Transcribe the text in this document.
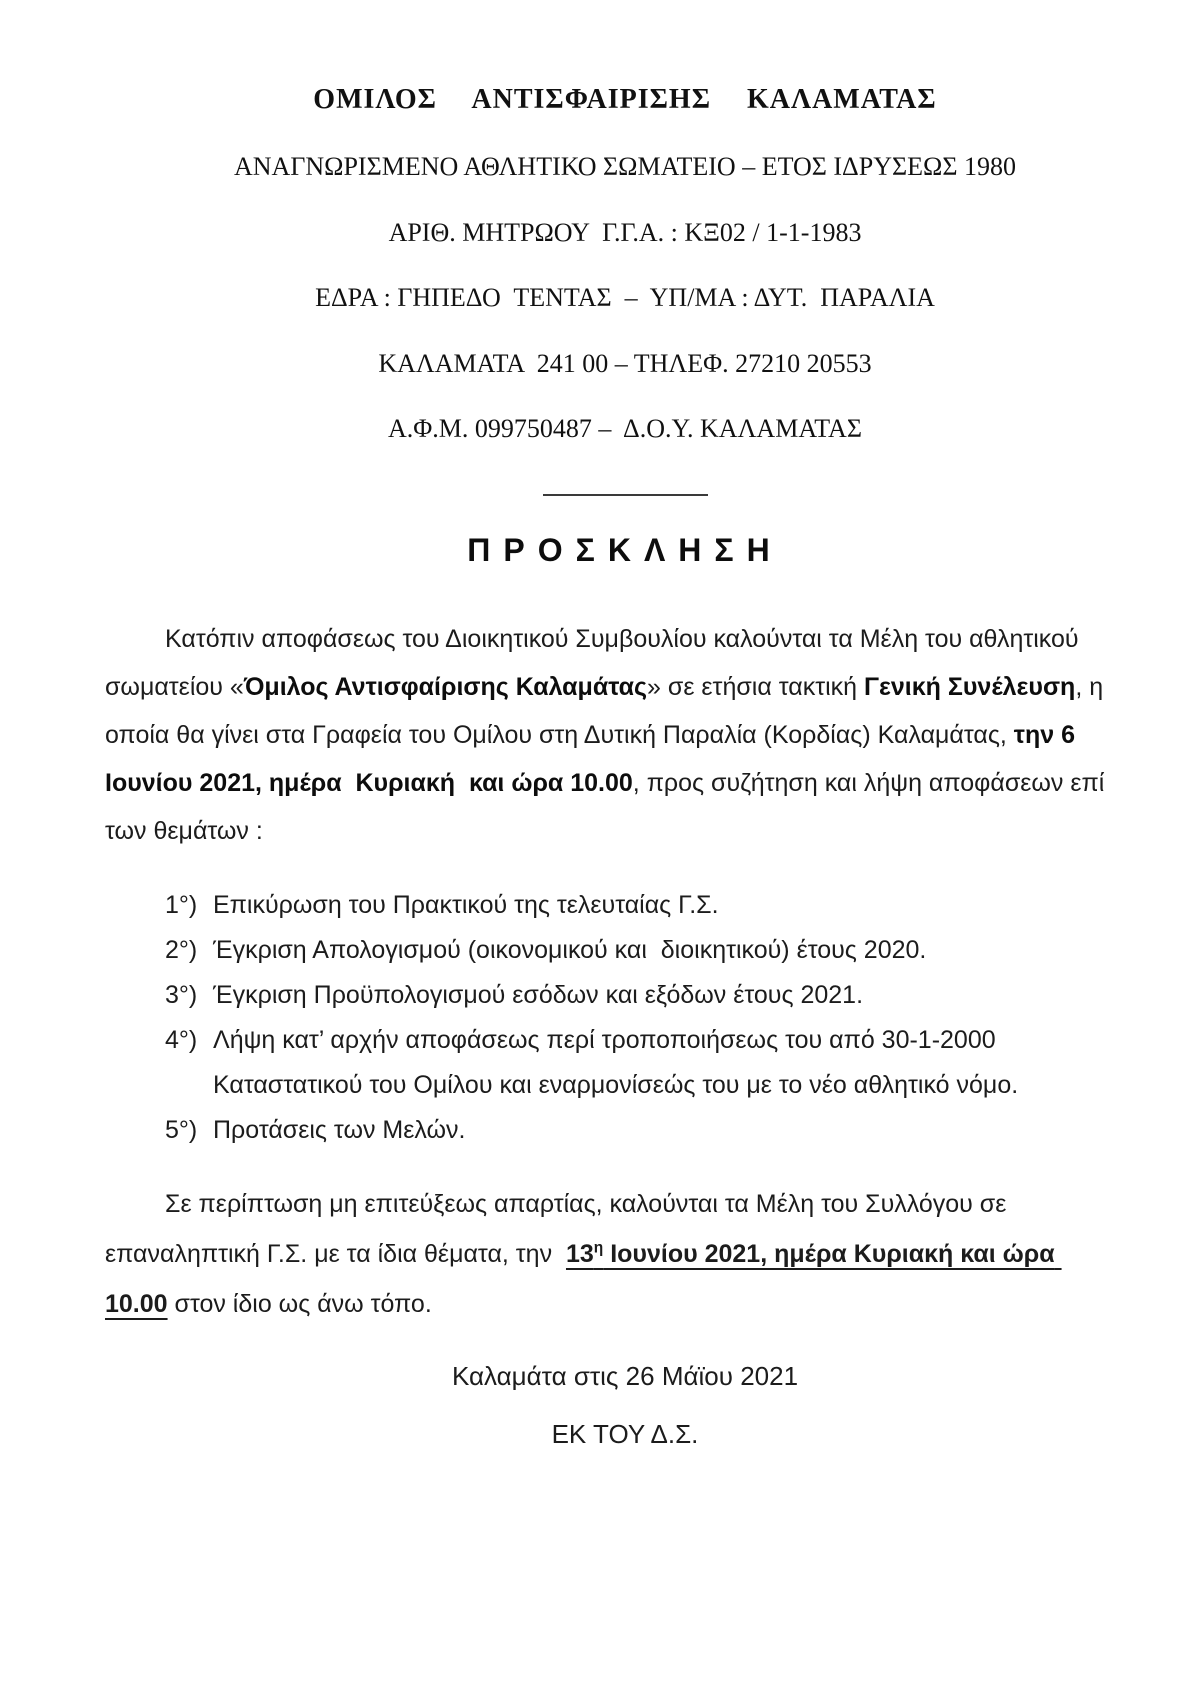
ΟΜΙΛΟΣ  ΑΝΤΙΣΦΑΙΡΙΣΗΣ  ΚΑΛΑΜΑΤΑΣ

ΑΝΑΓΝΩΡΙΣΜΕΝΟ ΑΘΛΗΤΙΚΟ ΣΩΜΑΤΕΙΟ – ΕΤΟΣ ΙΔΡΥΣΕΩΣ 1980

ΑΡΙΘ. ΜΗΤΡΩΟΥ  Γ.Γ.Α. : ΚΞ02 / 1-1-1983

ΕΔΡΑ : ΓΗΠΕΔΟ  ΤΕΝΤΑΣ  –  ΥΠ/ΜΑ : ΔΥΤ.  ΠΑΡΑΛΙΑ

ΚΑΛΑΜΑΤΑ  241 00 – ΤΗΛΕΦ. 27210 20553

Α.Φ.Μ. 099750487 –  Δ.Ο.Υ. ΚΑΛΑΜΑΤΑΣ

ΠΡΟΣΚΛΗΣΗ

Κατόπιν αποφάσεως του Διοικητικού Συμβουλίου καλούνται τα Μέλη του αθλητικού σωματείου «Όμιλος Αντισφαίρισης Καλαμάτας» σε ετήσια τακτική Γενική Συνέλευση, η οποία θα γίνει στα Γραφεία του Ομίλου στη Δυτική Παραλία (Κορδίας) Καλαμάτας, την 6 Ιουνίου 2021, ημέρα  Κυριακή  και ώρα 10.00, προς συζήτηση και λήψη αποφάσεων επί των θεμάτων :

1°) Επικύρωση του Πρακτικού της τελευταίας Γ.Σ.
2°) Έγκριση Απολογισμού (οικονομικού και  διοικητικού) έτους 2020.
3°) Έγκριση Προϋπολογισμού εσόδων και εξόδων έτους 2021.
4°) Λήψη κατ’ αρχήν αποφάσεως περί τροποποιήσεως του από 30-1-2000 Καταστατικού του Ομίλου και εναρμονίσεώς του με το νέο αθλητικό νόμο.
5°) Προτάσεις των Μελών.

Σε περίπτωση μη επιτεύξεως απαρτίας, καλούνται τα Μέλη του Συλλόγου σε επαναληπτική Γ.Σ. με τα ίδια θέματα, την  $13^\eta$ Ιουνίου 2021, ημέρα Κυριακή και ώρα 10.00 στον ίδιο ως άνω τόπο.

Καλαμάτα στις 26 Μάϊου 2021
ΕΚ ΤΟΥ Δ.Σ.
